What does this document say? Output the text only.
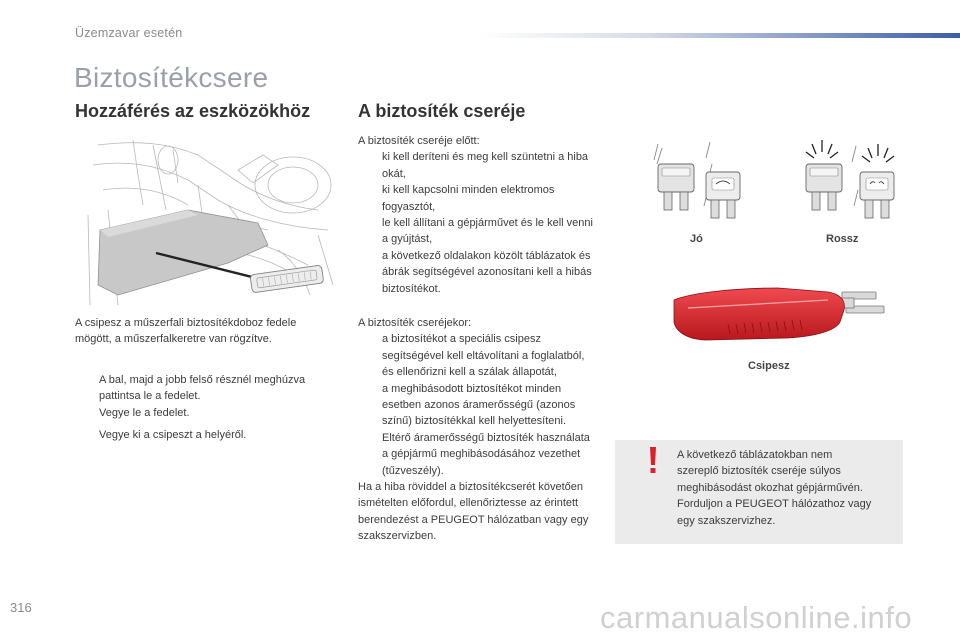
Üzemzavar esetén
Biztosítékcsere
Hozzáférés az eszközökhöz
A csipesz a műszerfali biztosítékdoboz fedele
mögött, a műszerfalkeretre van rögzítve.
A bal, majd a jobb felső résznél meghúzva
pattintsa le a fedelet.
Vegye le a fedelet.
Vegye ki a csipeszt a helyéről.
A biztosíték cseréje
A biztosíték cseréje előtt:
ki kell deríteni és meg kell szüntetni a hiba
okát,
ki kell kapcsolni minden elektromos
fogyasztót,
le kell állítani a gépjárművet és le kell venni
a gyújtást,
a következő oldalakon közölt táblázatok és
ábrák segítségével azonosítani kell a hibás
biztosítékot.
A biztosíték cseréjekor:
a biztosítékot a speciális csipesz
segítségével kell eltávolítani a foglalatból,
és ellenőrizni kell a szálak állapotát,
a meghibásodott biztosítékot minden
esetben azonos áramerősségű (azonos
színű) biztosítékkal kell helyettesíteni.
Eltérő áramerősségű biztosíték használata
a gépjármű meghibásodásához vezethet
(tűzveszély).
Ha a hiba röviddel a biztosítékcserét követően
ismételten előfordul, ellenőriztesse az érintett
berendezést a PEUGEOT hálózatban vagy egy
szakszervizben.
Jó	Rossz
Csipesz
A következő táblázatokban nem
szereplő biztosíték cseréje súlyos
meghibásodást okozhat gépjárművén.
Forduljon a PEUGEOT hálózathoz vagy
egy szakszervizhez.
316	carmanualsonline.info
